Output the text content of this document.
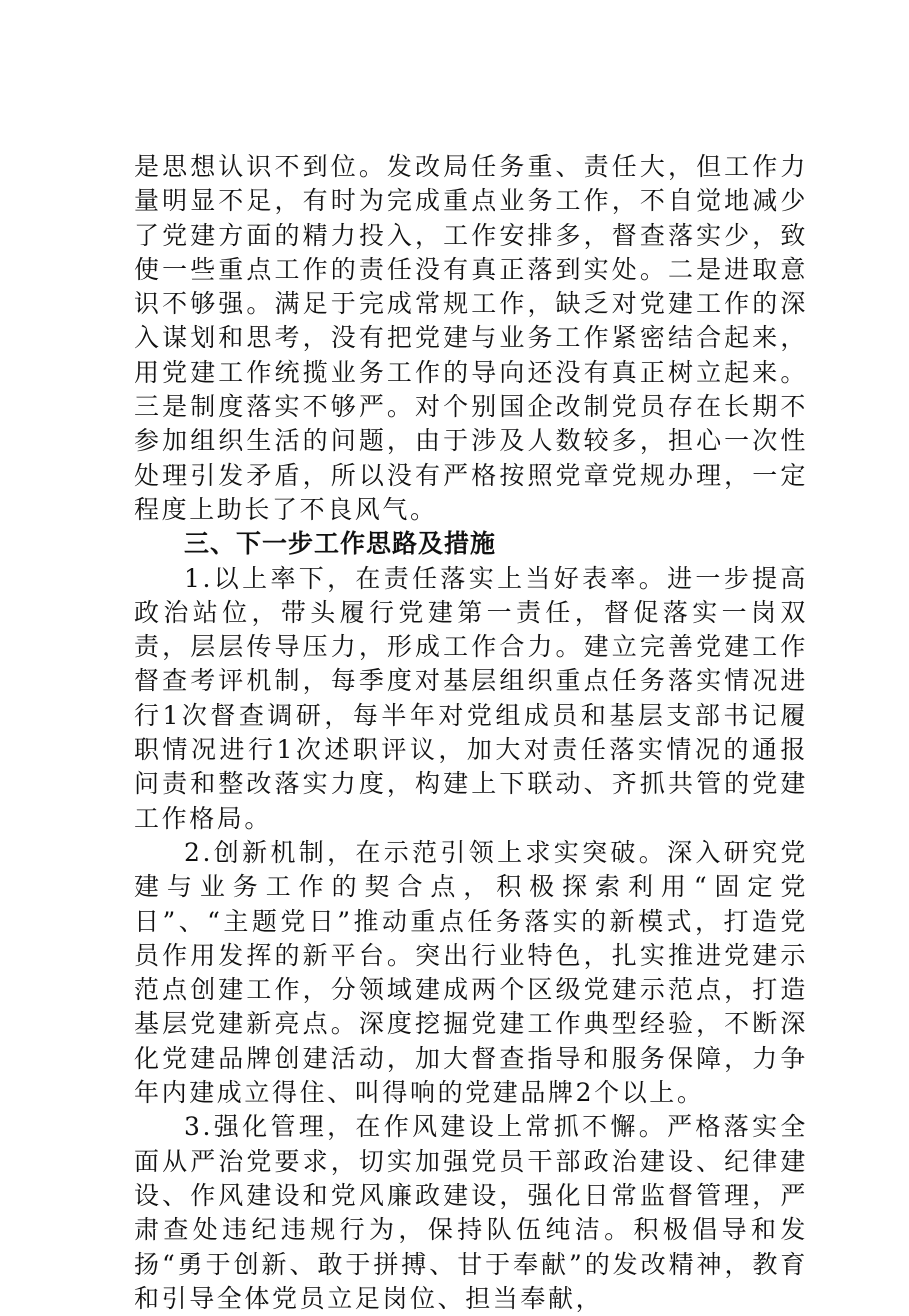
是思想认识不到位。发改局任务重、责任大，但工作力量明显不足，有时为完成重点业务工作，不自觉地减少了党建方面的精力投入，工作安排多，督查落实少，致使一些重点工作的责任没有真正落到实处。二是进取意识不够强。满足于完成常规工作，缺乏对党建工作的深入谋划和思考，没有把党建与业务工作紧密结合起来，用党建工作统揽业务工作的导向还没有真正树立起来。三是制度落实不够严。对个别国企改制党员存在长期不参加组织生活的问题，由于涉及人数较多，担心一次性处理引发矛盾，所以没有严格按照党章党规办理，一定程度上助长了不良风气。

三、下一步工作思路及措施

1.以上率下，在责任落实上当好表率。进一步提高政治站位，带头履行党建第一责任，督促落实一岗双责，层层传导压力，形成工作合力。建立完善党建工作督查考评机制，每季度对基层组织重点任务落实情况进行1次督查调研，每半年对党组成员和基层支部书记履职情况进行1次述职评议，加大对责任落实情况的通报问责和整改落实力度，构建上下联动、齐抓共管的党建工作格局。

2.创新机制，在示范引领上求实突破。深入研究党建与业务工作的契合点，积极探索利用“固定党日”、“主题党日”推动重点任务落实的新模式，打造党员作用发挥的新平台。突出行业特色，扎实推进党建示范点创建工作，分领域建成两个区级党建示范点，打造基层党建新亮点。深度挖掘党建工作典型经验，不断深化党建品牌创建活动，加大督查指导和服务保障，力争年内建成立得住、叫得响的党建品牌2个以上。

3.强化管理，在作风建设上常抓不懈。严格落实全面从严治党要求，切实加强党员干部政治建设、纪律建设、作风建设和党风廉政建设，强化日常监督管理，严肃查处违纪违规行为，保持队伍纯洁。积极倡导和发扬“勇于创新、敢于拼搏、甘于奉献”的发改精神，教育和引导全体党员立足岗位、担当奉献，
